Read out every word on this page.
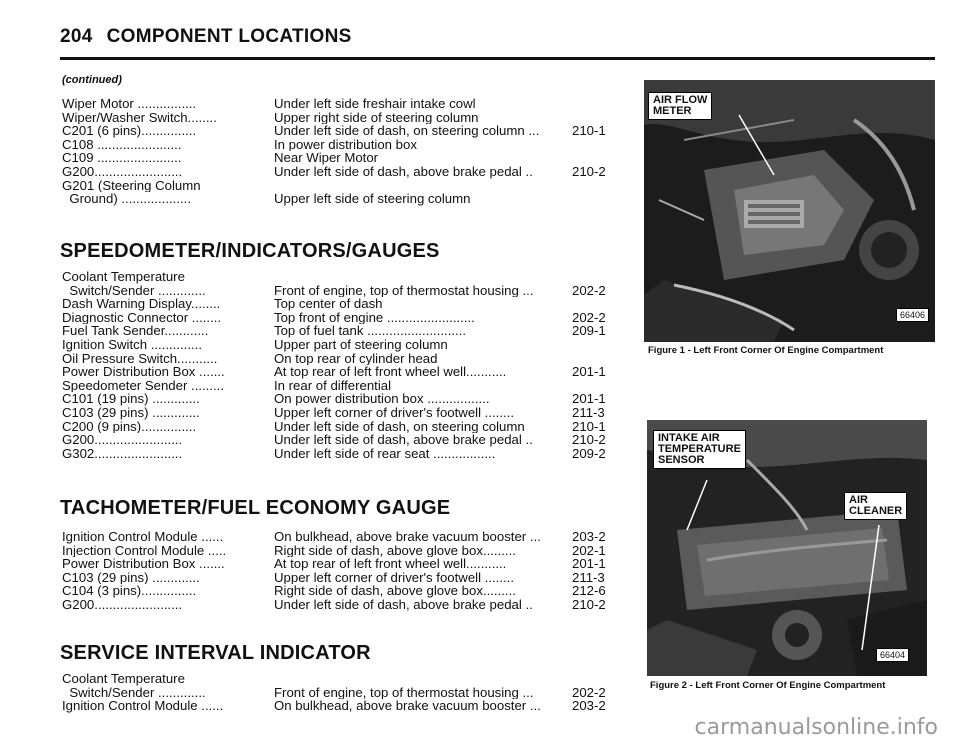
204 COMPONENT LOCATIONS
(continued)
Wiper Motor ................	Under left side freshair intake cowl
Wiper/Washer Switch........	Upper right side of steering column
C201 (6 pins)...............	Under left side of dash, on steering column ...	210-1
C108 .......................	In power distribution box
C109 .......................	Near Wiper Motor
G200........................	Under left side of dash, above brake pedal ..	210-2
G201 (Steering Column
Ground) ...................	Upper left side of steering column
SPEEDOMETER/INDICATORS/GAUGES
Coolant Temperature
Switch/Sender .............	Front of engine, top of thermostat housing ...	202-2
Dash Warning Display........	Top center of dash
Diagnostic Connector ........	Top front of engine ........................	202-2
Fuel Tank Sender............	Top of fuel tank ...........................	209-1
Ignition Switch ..............	Upper part of steering column
Oil Pressure Switch...........	On top rear of cylinder head
Power Distribution Box .......	At top rear of left front wheel well...........	201-1
Speedometer Sender .........	In rear of differential
C101 (19 pins) .............	On power distribution box .................	201-1
C103 (29 pins) .............	Upper left corner of driver's footwell ........	211-3
C200 (9 pins)...............	Under left side of dash, on steering column	210-1
G200........................	Under left side of dash, above brake pedal ..	210-2
G302........................	Under left side of rear seat .................	209-2
TACHOMETER/FUEL ECONOMY GAUGE
Ignition Control Module ......	On bulkhead, above brake vacuum booster ...	203-2
Injection Control Module .....	Right side of dash, above glove box.........	202-1
Power Distribution Box .......	At top rear of left front wheel well...........	201-1
C103 (29 pins) .............	Upper left corner of driver's footwell ........	211-3
C104 (3 pins)...............	Right side of dash, above glove box.........	212-6
G200........................	Under left side of dash, above brake pedal ..	210-2
SERVICE INTERVAL INDICATOR
Coolant Temperature
Switch/Sender .............	Front of engine, top of thermostat housing ...	202-2
Ignition Control Module ......	On bulkhead, above brake vacuum booster ...	203-2
AIR FLOW
METER
66406
Figure 1 - Left Front Corner Of Engine Compartment
INTAKE AIR
TEMPERATURE
SENSOR
AIR
CLEANER
66404
Figure 2 - Left Front Corner Of Engine Compartment
carmanualsonline.info
